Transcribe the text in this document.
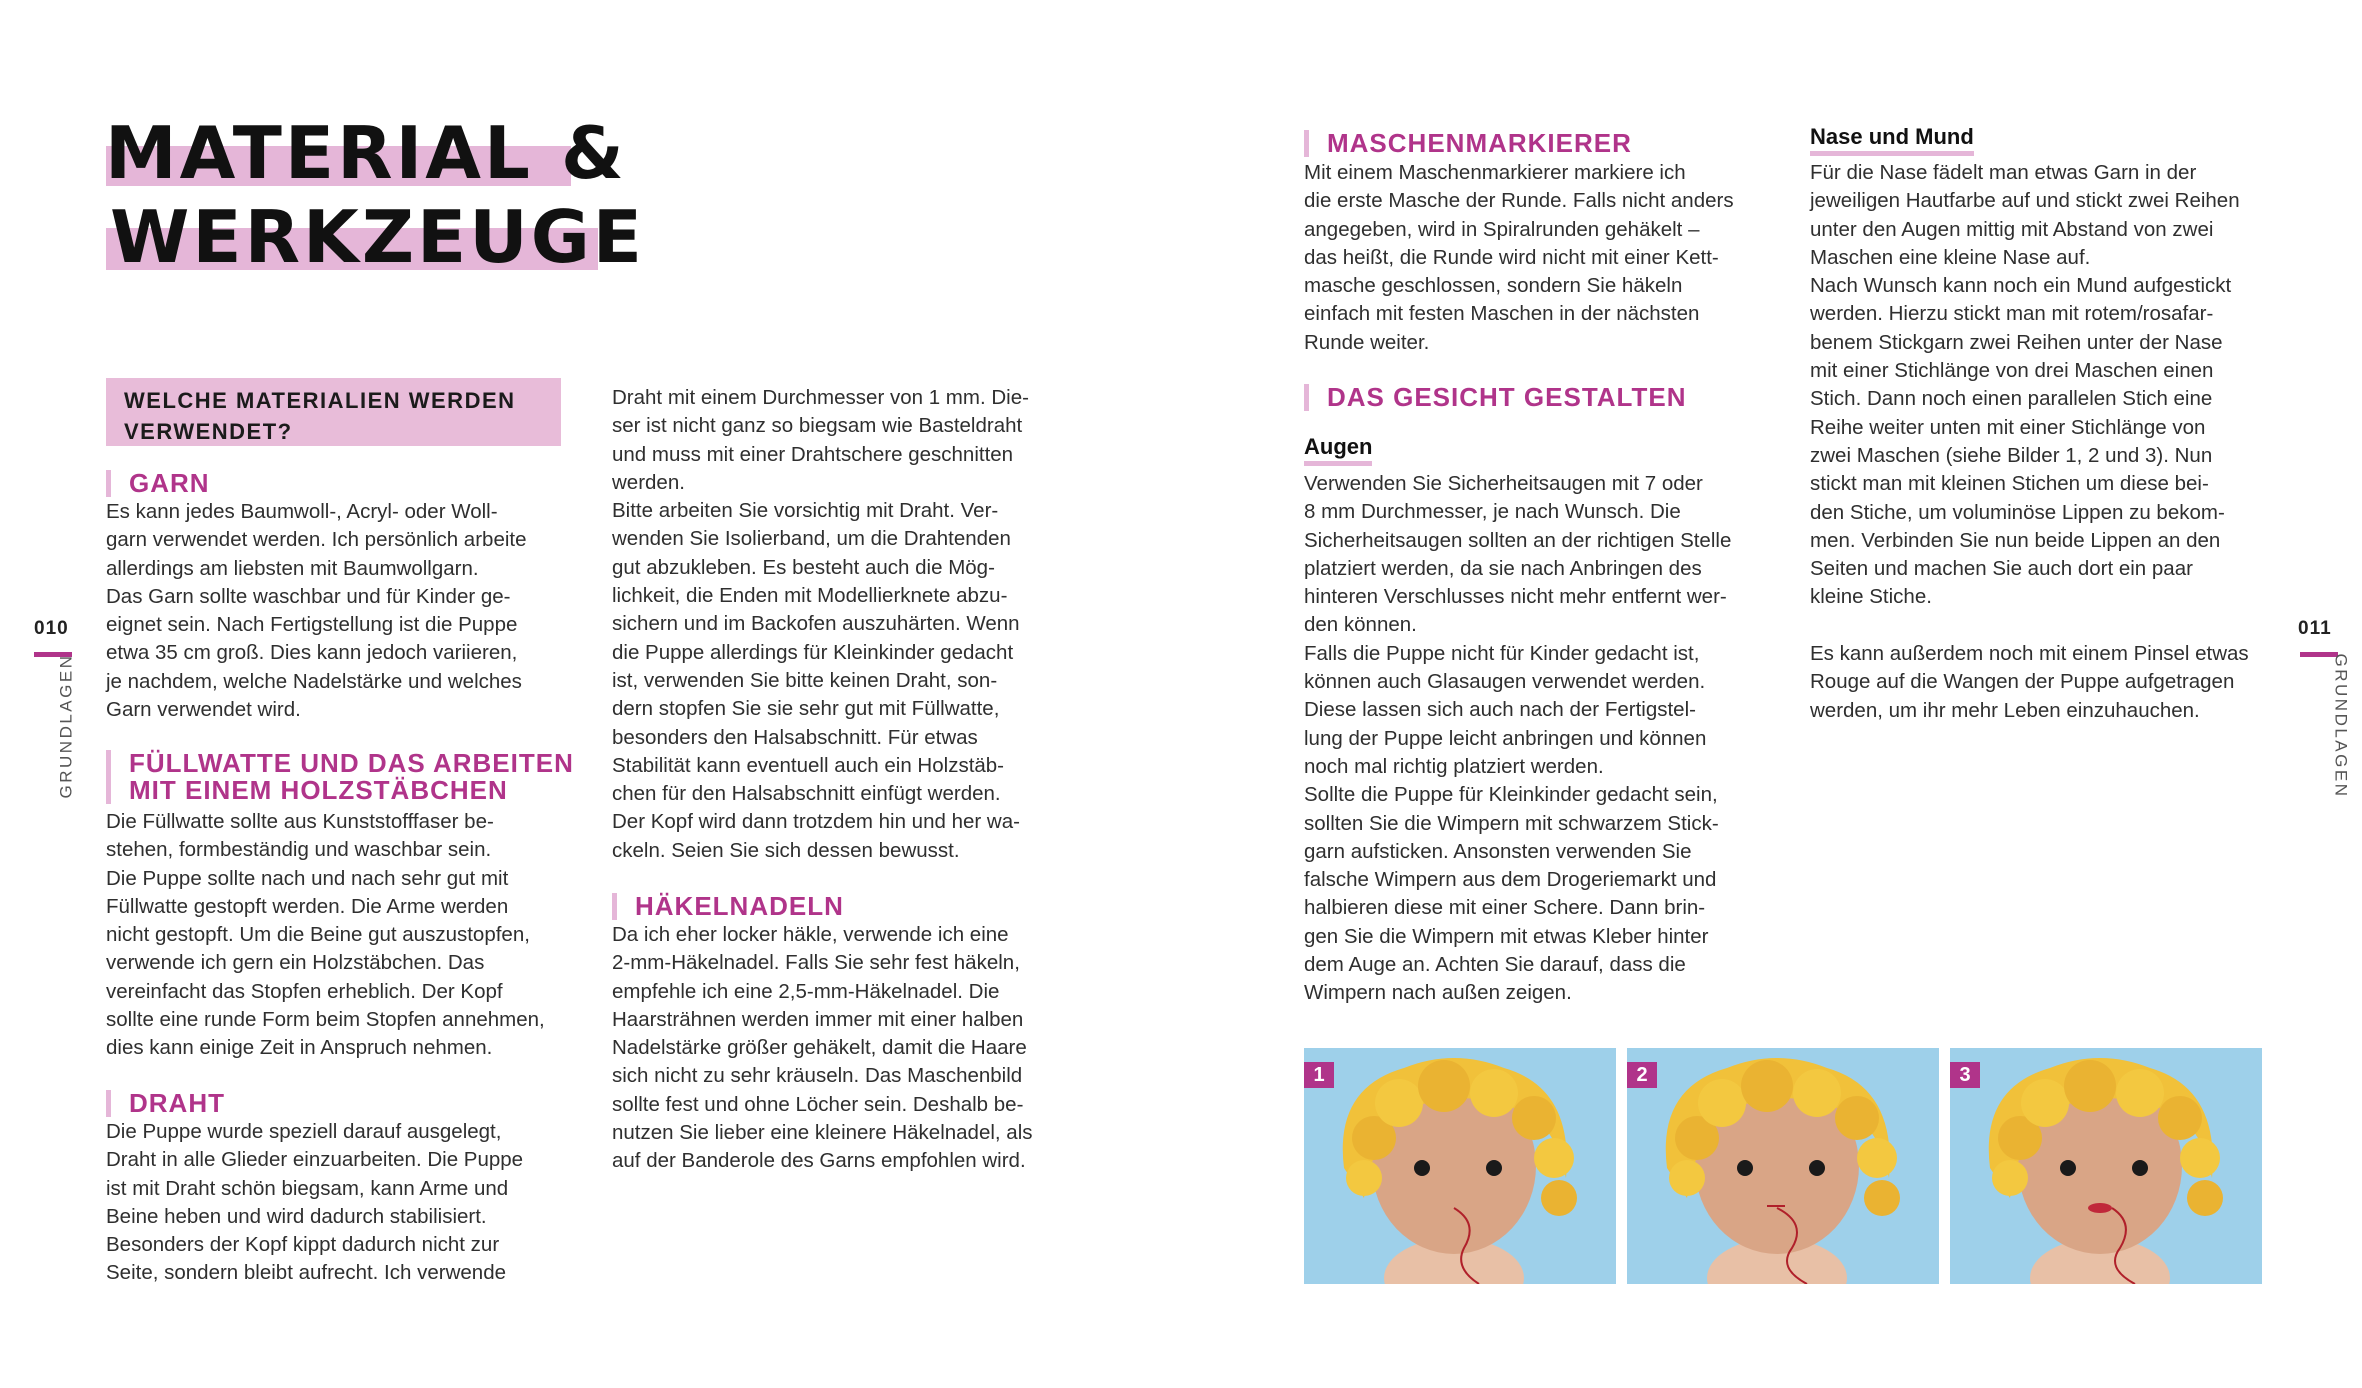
MATERIAL &
WERKZEUGE
WELCHE MATERIALIEN WERDEN
VERWENDET?
010
GRUNDLAGEN
011
GRUNDLAGEN
GARN
Es kann jedes Baumwoll-, Acryl- oder Woll-
garn verwendet werden. Ich persönlich arbeite
allerdings am liebsten mit Baumwollgarn.
Das Garn sollte waschbar und für Kinder ge-
eignet sein. Nach Fertigstellung ist die Puppe
etwa 35 cm groß. Dies kann jedoch variieren,
je nachdem, welche Nadelstärke und welches
Garn verwendet wird.
FÜLLWATTE UND DAS ARBEITEN
MIT EINEM HOLZSTÄBCHEN
Die Füllwatte sollte aus Kunststofffaser be-
stehen, formbeständig und waschbar sein.
Die Puppe sollte nach und nach sehr gut mit
Füllwatte gestopft werden. Die Arme werden
nicht gestopft. Um die Beine gut auszustopfen,
verwende ich gern ein Holzstäbchen. Das
vereinfacht das Stopfen erheblich. Der Kopf
sollte eine runde Form beim Stopfen annehmen,
dies kann einige Zeit in Anspruch nehmen.
DRAHT
Die Puppe wurde speziell darauf ausgelegt,
Draht in alle Glieder einzuarbeiten. Die Puppe
ist mit Draht schön biegsam, kann Arme und
Beine heben und wird dadurch stabilisiert.
Besonders der Kopf kippt dadurch nicht zur
Seite, sondern bleibt aufrecht. Ich verwende
Draht mit einem Durchmesser von 1 mm. Die-
ser ist nicht ganz so biegsam wie Basteldraht
und muss mit einer Drahtschere geschnitten
werden.
Bitte arbeiten Sie vorsichtig mit Draht. Ver-
wenden Sie Isolierband, um die Drahtenden
gut abzukleben. Es besteht auch die Mög-
lichkeit, die Enden mit Modellierknete abzu-
sichern und im Backofen auszuhärten. Wenn
die Puppe allerdings für Kleinkinder gedacht
ist, verwenden Sie bitte keinen Draht, son-
dern stopfen Sie sie sehr gut mit Füllwatte,
besonders den Halsabschnitt. Für etwas
Stabilität kann eventuell auch ein Holzstäb-
chen für den Halsabschnitt einfügt werden.
Der Kopf wird dann trotzdem hin und her wa-
ckeln. Seien Sie sich dessen bewusst.
HÄKELNADELN
Da ich eher locker häkle, verwende ich eine
2-mm-Häkelnadel. Falls Sie sehr fest häkeln,
empfehle ich eine 2,5-mm-Häkelnadel. Die
Haarsträhnen werden immer mit einer halben
Nadelstärke größer gehäkelt, damit die Haare
sich nicht zu sehr kräuseln. Das Maschenbild
sollte fest und ohne Löcher sein. Deshalb be-
nutzen Sie lieber eine kleinere Häkelnadel, als
auf der Banderole des Garns empfohlen wird.
MASCHENMARKIERER
Mit einem Maschenmarkierer markiere ich
die erste Masche der Runde. Falls nicht anders
angegeben, wird in Spiralrunden gehäkelt –
das heißt, die Runde wird nicht mit einer Kett-
masche geschlossen, sondern Sie häkeln
einfach mit festen Maschen in der nächsten
Runde weiter.
DAS GESICHT GESTALTEN
Augen
Verwenden Sie Sicherheitsaugen mit 7 oder
8 mm Durchmesser, je nach Wunsch. Die
Sicherheitsaugen sollten an der richtigen Stelle
platziert werden, da sie nach Anbringen des
hinteren Verschlusses nicht mehr entfernt wer-
den können.
Falls die Puppe nicht für Kinder gedacht ist,
können auch Glasaugen verwendet werden.
Diese lassen sich auch nach der Fertigstel-
lung der Puppe leicht anbringen und können
noch mal richtig platziert werden.
Sollte die Puppe für Kleinkinder gedacht sein,
sollten Sie die Wimpern mit schwarzem Stick-
garn aufsticken. Ansonsten verwenden Sie
falsche Wimpern aus dem Drogeriemarkt und
halbieren diese mit einer Schere. Dann brin-
gen Sie die Wimpern mit etwas Kleber hinter
dem Auge an. Achten Sie darauf, dass die
Wimpern nach außen zeigen.
Nase und Mund
Für die Nase fädelt man etwas Garn in der
jeweiligen Hautfarbe auf und stickt zwei Reihen
unter den Augen mittig mit Abstand von zwei
Maschen eine kleine Nase auf.
Nach Wunsch kann noch ein Mund aufgestickt
werden. Hierzu stickt man mit rotem/rosafar-
benem Stickgarn zwei Reihen unter der Nase
mit einer Stichlänge von drei Maschen einen
Stich. Dann noch einen parallelen Stich eine
Reihe weiter unten mit einer Stichlänge von
zwei Maschen (siehe Bilder 1, 2 und 3). Nun
stickt man mit kleinen Stichen um diese bei-
den Stiche, um voluminöse Lippen zu bekom-
men. Verbinden Sie nun beide Lippen an den
Seiten und machen Sie auch dort ein paar
kleine Stiche.
Es kann außerdem noch mit einem Pinsel etwas
Rouge auf die Wangen der Puppe aufgetragen
werden, um ihr mehr Leben einzuhauchen.
1	2	3
